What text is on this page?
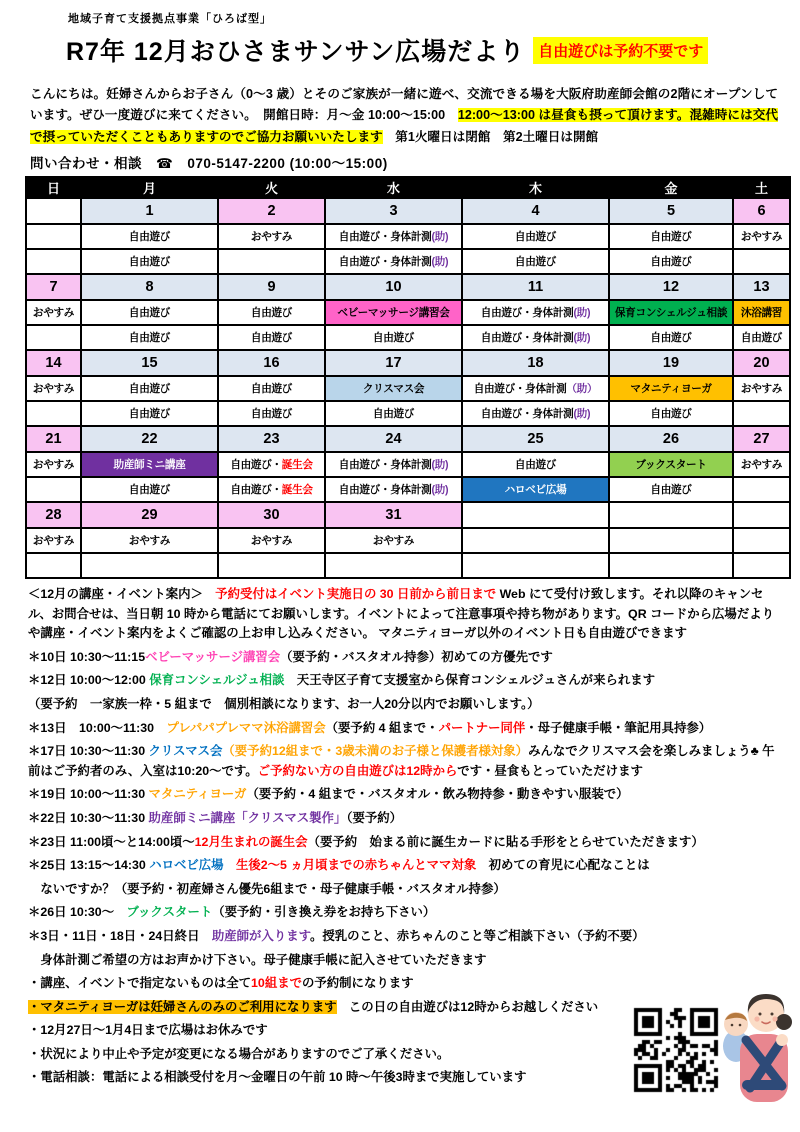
地域子育て支援拠点事業「ひろば型」
R7年 12月おひさまサンサン広場だより 自由遊びは予約不要です

こんにちは。妊婦さんからお子さん（0～3 歳）とそのご家族が一緒に遊べ、交流できる場を大阪府助産師会館の2階にオープンしています。ぜひ一度遊びに来てください。　開館日時：月～金 10:00～15:00　12:00～13:00 は昼食も摂って頂けます。混雑時には交代で摂っていただくこともありますのでご協力お願いいたします　第1火曜日は閉館　第2土曜日は開館

問い合わせ・相談　☎　070-5147-2200 (10:00～15:00)

日	月	火	水	木	金	土
	1	2	3	4	5	6
	自由遊び	おやすみ	自由遊び・身体計測(助)	自由遊び	自由遊び	おやすみ
	自由遊び		自由遊び・身体計測(助)	自由遊び	自由遊び	
7	8	9	10	11	12	13
おやすみ	自由遊び	自由遊び	ベビーマッサージ講習会	自由遊び・身体計測(助)	保育コンシェルジュ相談	沐浴講習
	自由遊び	自由遊び	自由遊び	自由遊び・身体計測(助)	自由遊び	自由遊び
14	15	16	17	18	19	20
おやすみ	自由遊び	自由遊び	クリスマス会	自由遊び・身体計測（助）	マタニティヨーガ	おやすみ
	自由遊び	自由遊び	自由遊び	自由遊び・身体計測(助)	自由遊び	
21	22	23	24	25	26	27
おやすみ	助産師ミニ講座	自由遊び・誕生会	自由遊び・身体計測(助)	自由遊び	ブックスタート	おやすみ
	自由遊び	自由遊び・誕生会	自由遊び・身体計測(助)	ハロベビ広場	自由遊び	
28	29	30	31			
おやすみ	おやすみ	おやすみ	おやすみ			

＜12月の講座・イベント案内＞　予約受付はイベント実施日の 30 日前から前日まで Web にて受付け致します。それ以降のキャンセル、お問合せは、当日朝 10 時から電話にてお願いします。イベントによって注意事項や持ち物があります。QR コードから広場だよりや講座・イベント案内をよくご確認の上お申し込みください。 マタニティヨーガ以外のイベント日も自由遊びできます

＊10日 10:30～11:15ベビーマッサージ講習会（要予約・バスタオル持参）初めての方優先です

＊12日 10:00～12:00 保育コンシェルジュ相談　天王寺区子育て支援室から保育コンシェルジュさんが来られます

（要予約　一家族一枠・5 組まで　個別相談になります、お一人20分以内でお願いします。）

＊13日　10:00～11:30　プレパパプレママ沐浴講習会（要予約 4 組まで・パートナー同伴・母子健康手帳・筆記用具持参）

＊17日 10:30～11:30 クリスマス会（要予約12組まで・3歳未満のお子様と保護者様対象）みんなでクリスマス会を楽しみましょう♣ 午前はご予約者のみ、入室は10:20～です。ご予約ない方の自由遊びは12時からです・昼食もとっていただけます

＊19日 10:00～11:30 マタニティヨーガ（要予約・4 組まで・バスタオル・飲み物持参・動きやすい服装で）

＊22日 10:30～11:30 助産師ミニ講座「クリスマス製作」（要予約）

＊23日 11:00頃～と14:00頃～12月生まれの誕生会（要予約　始まる前に誕生カードに貼る手形をとらせていただきます）

＊25日 13:15～14:30 ハロベビ広場　 生後2～5 ヵ月頃までの赤ちゃんとママ対象　初めての育児に心配なことは

　ないですか？（要予約・初産婦さん優先6組まで・母子健康手帳・バスタオル持参）

＊26日 10:30～　ブックスタート（要予約・引き換え券をお持ち下さい）

＊3日・11日・18日・24日終日　助産師が入ります。授乳のこと、赤ちゃんのこと等ご相談下さい（予約不要）

　身体計測ご希望の方はお声かけ下さい。母子健康手帳に記入させていただきます

・講座、イベントで指定ないものは全て10組までの予約制になります

・マタニティヨーガは妊婦さんのみのご利用になります　この日の自由遊びは12時からお越しください

・12月27日～1月4日まで広場はお休みです

・状況により中止や予定が変更になる場合がありますのでご了承ください。

・電話相談：電話による相談受付を月～金曜日の午前 10 時～午後3時まで実施しています
